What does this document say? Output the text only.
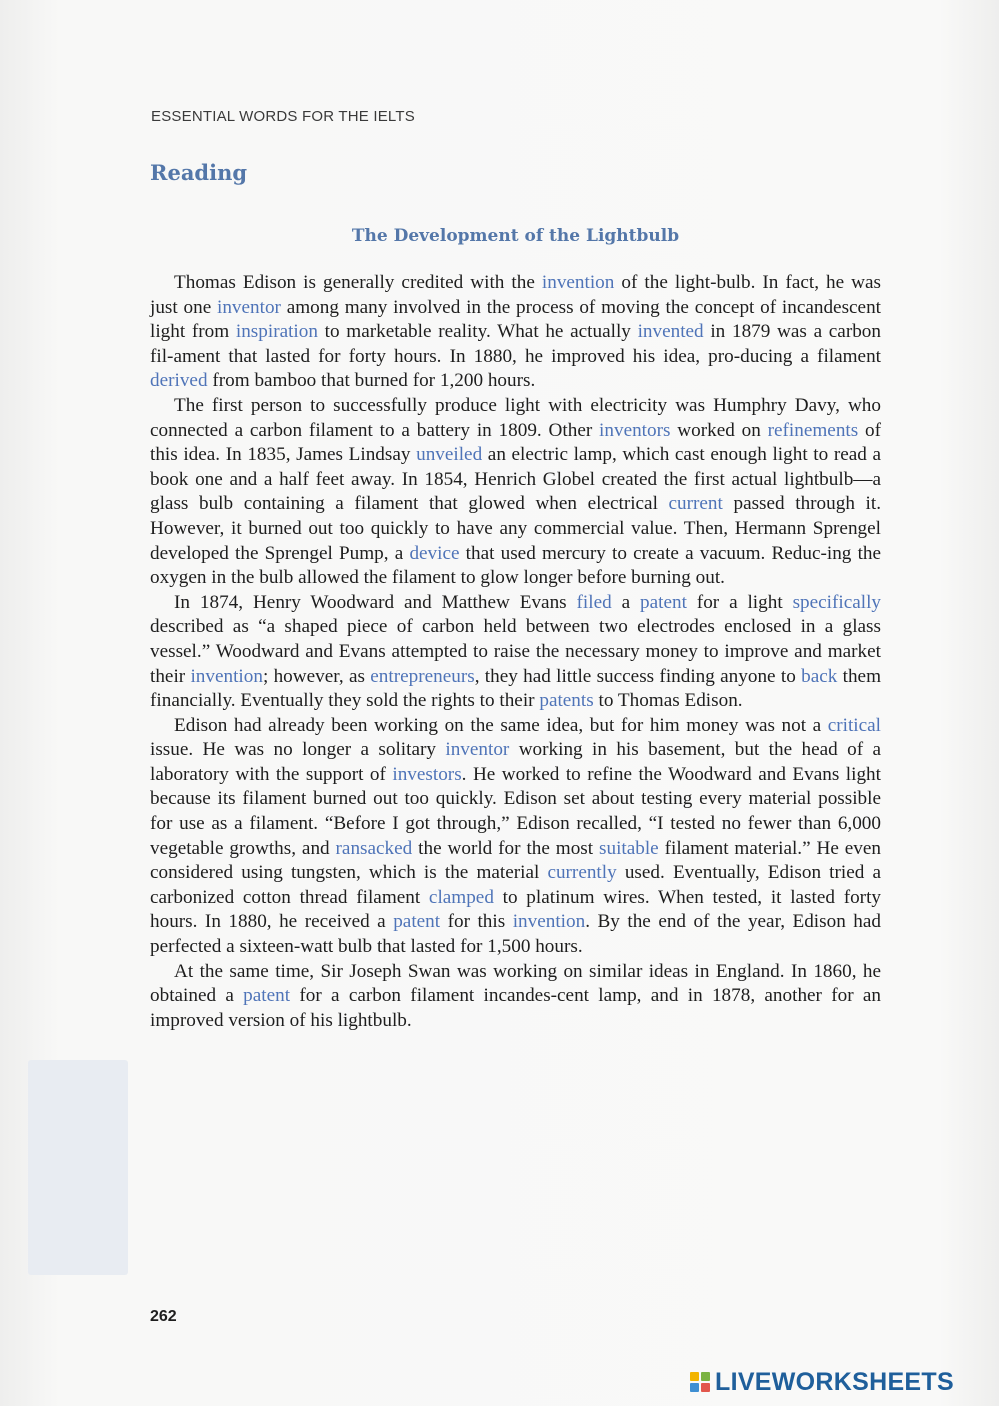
ESSENTIAL WORDS FOR THE IELTS
Reading
The Development of the Lightbulb

Thomas Edison is generally credited with the invention of the light-bulb. In fact, he was just one inventor among many involved in the process of moving the concept of incandescent light from inspiration to marketable reality. What he actually invented in 1879 was a carbon fil-ament that lasted for forty hours. In 1880, he improved his idea, pro-ducing a filament derived from bamboo that burned for 1,200 hours.

The first person to successfully produce light with electricity was Humphry Davy, who connected a carbon filament to a battery in 1809. Other inventors worked on refinements of this idea. In 1835, James Lindsay unveiled an electric lamp, which cast enough light to read a book one and a half feet away. In 1854, Henrich Globel created the first actual lightbulb—a glass bulb containing a filament that glowed when electrical current passed through it. However, it burned out too quickly to have any commercial value. Then, Hermann Sprengel developed the Sprengel Pump, a device that used mercury to create a vacuum. Reduc-ing the oxygen in the bulb allowed the filament to glow longer before burning out.

In 1874, Henry Woodward and Matthew Evans filed a patent for a light specifically described as “a shaped piece of carbon held between two electrodes enclosed in a glass vessel.” Woodward and Evans attempted to raise the necessary money to improve and market their invention; however, as entrepreneurs, they had little success finding anyone to back them financially. Eventually they sold the rights to their patents to Thomas Edison.

Edison had already been working on the same idea, but for him money was not a critical issue. He was no longer a solitary inventor working in his basement, but the head of a laboratory with the support of investors. He worked to refine the Woodward and Evans light because its filament burned out too quickly. Edison set about testing every material possible for use as a filament. “Before I got through,” Edison recalled, “I tested no fewer than 6,000 vegetable growths, and ransacked the world for the most suitable filament material.” He even considered using tungsten, which is the material currently used. Eventually, Edison tried a carbonized cotton thread filament clamped to platinum wires. When tested, it lasted forty hours. In 1880, he received a patent for this invention. By the end of the year, Edison had perfected a sixteen-watt bulb that lasted for 1,500 hours.

At the same time, Sir Joseph Swan was working on similar ideas in England. In 1860, he obtained a patent for a carbon filament incandes-cent lamp, and in 1878, another for an improved version of his lightbulb.

262
LIVEWORKSHEETS
